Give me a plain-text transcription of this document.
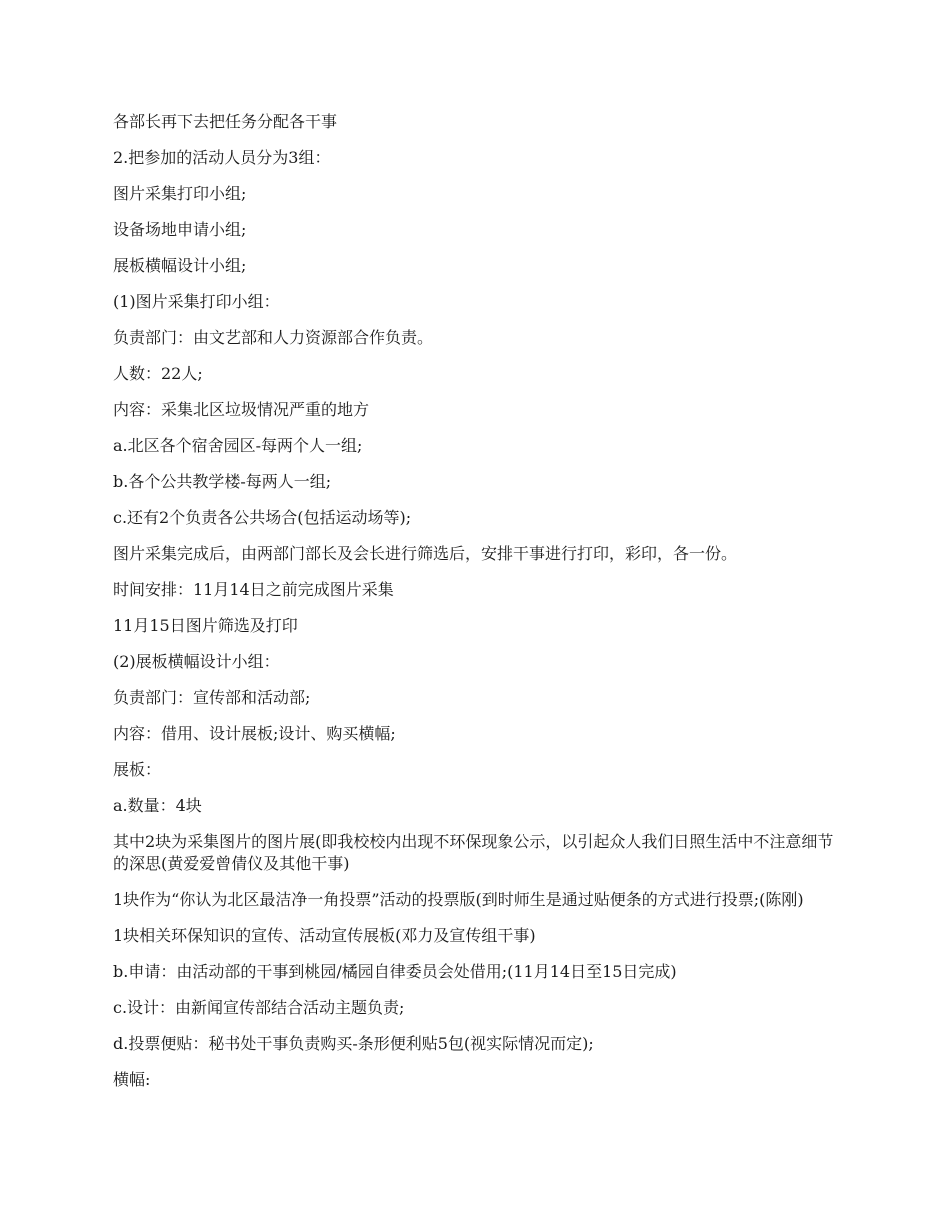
各部长再下去把任务分配各干事

2.把参加的活动人员分为3组：

图片采集打印小组;

设备场地申请小组;

展板横幅设计小组;

(1)图片采集打印小组：

负责部门：由文艺部和人力资源部合作负责。

人数：22人;

内容：采集北区垃圾情况严重的地方

a.北区各个宿舍园区-每两个人一组;

b.各个公共教学楼-每两人一组;

c.还有2个负责各公共场合(包括运动场等);

图片采集完成后，由两部门部长及会长进行筛选后，安排干事进行打印，彩印，各一份。

时间安排：11月14日之前完成图片采集

11月15日图片筛选及打印

(2)展板横幅设计小组：

负责部门：宣传部和活动部;

内容：借用、设计展板;设计、购买横幅;

展板：

a.数量：4块

其中2块为采集图片的图片展(即我校校内出现不环保现象公示，以引起众人我们日照生活中不注意细节的深思(黄爱爱曾倩仪及其他干事)

1块作为“你认为北区最洁净一角投票”活动的投票版(到时师生是通过贴便条的方式进行投票;(陈刚)

1块相关环保知识的宣传、活动宣传展板(邓力及宣传组干事)

b.申请：由活动部的干事到桃园/橘园自律委员会处借用;(11月14日至15日完成)

c.设计：由新闻宣传部结合活动主题负责;

d.投票便贴：秘书处干事负责购买-条形便利贴5包(视实际情况而定);

横幅:
